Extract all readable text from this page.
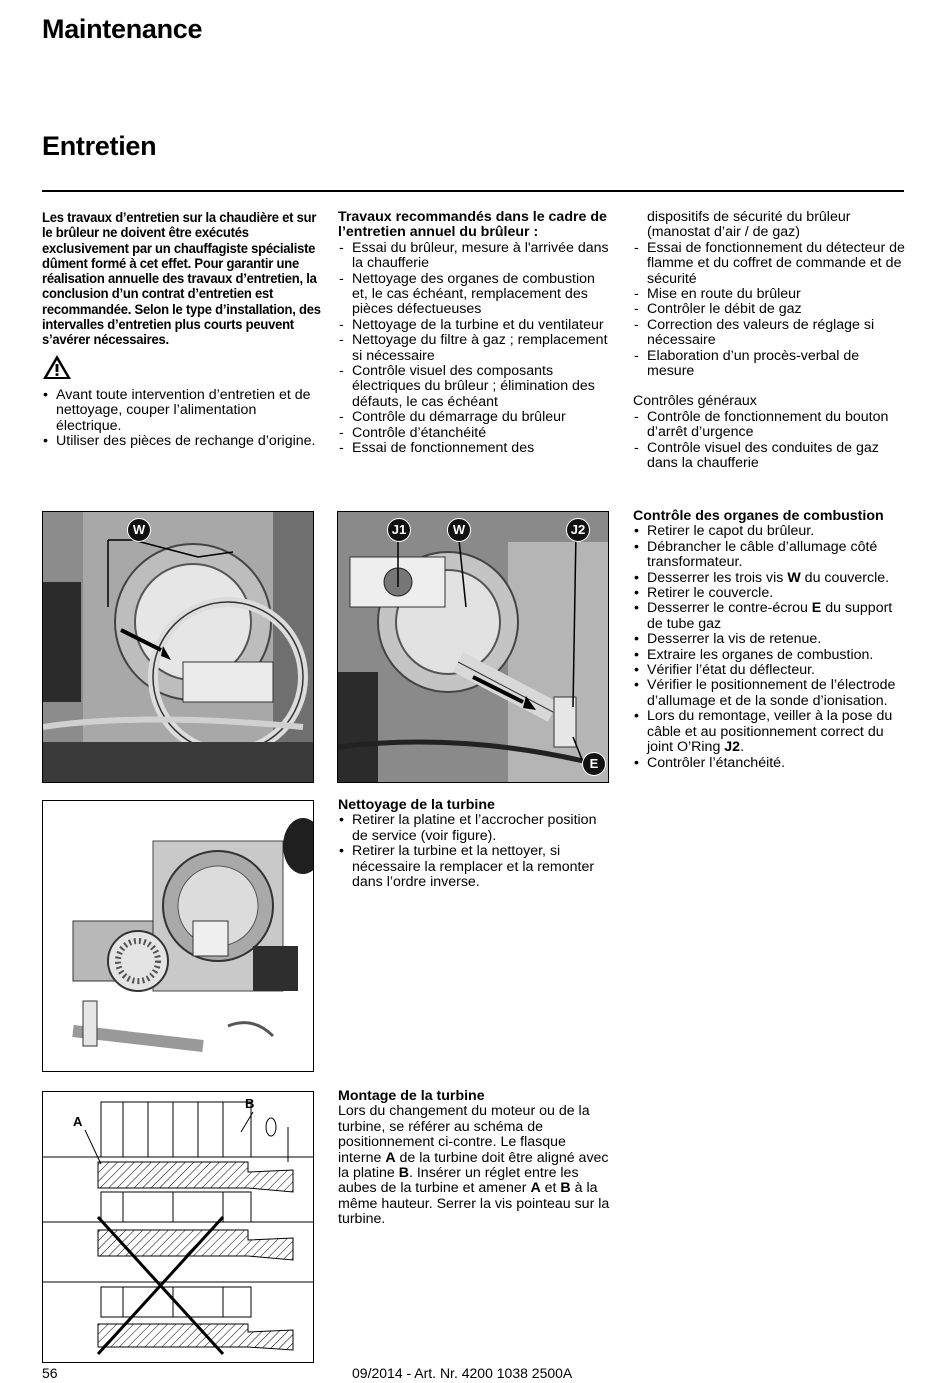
Maintenance
Entretien
Les travaux d’entretien sur la chaudière et sur le brûleur ne doivent être exécutés exclusivement par un chauffagiste spécialiste dûment formé à cet effet. Pour garantir une réalisation annuelle des travaux d’entretien, la conclusion d’un contrat d’entretien est recommandée. Selon le type d’installation, des intervalles d’entretien plus courts peuvent s’avérer nécessaires.
• Avant toute intervention d’entretien et de nettoyage, couper l’alimentation électrique.
• Utiliser des pièces de rechange d’origine.
Travaux recommandés dans le cadre de l’entretien annuel du brûleur :
- Essai du brûleur, mesure à l'arrivée dans la chaufferie
- Nettoyage des organes de combustion et, le cas échéant, remplacement des pièces défectueuses
- Nettoyage de la turbine et du ventilateur
- Nettoyage du filtre à gaz ; remplacement si nécessaire
- Contrôle visuel des composants électriques du brûleur ; élimination des défauts, le cas échéant
- Contrôle du démarrage du brûleur
- Contrôle d’étanchéité
- Essai de fonctionnement des
dispositifs de sécurité du brûleur (manostat d’air / de gaz)
- Essai de fonctionnement du détecteur de flamme et du coffret de commande et de sécurité
- Mise en route du brûleur
- Contrôler le débit de gaz
- Correction des valeurs de réglage si nécessaire
- Elaboration d’un procès-verbal de mesure
Contrôles généraux
- Contrôle de fonctionnement du bouton d’arrêt d’urgence
- Contrôle visuel des conduites de gaz dans la chaufferie
W	J1	W	J2
E
Contrôle des organes de combustion
• Retirer le capot du brûleur.
• Débrancher le câble d’allumage côté transformateur.
• Desserrer les trois vis W du couvercle.
• Retirer le couvercle.
• Desserrer le contre-écrou E du support de tube gaz
• Desserrer la vis de retenue.
• Extraire les organes de combustion.
• Vérifier l’état du déflecteur.
• Vérifier le positionnement de l’électrode d’allumage et de la sonde d’ionisation.
• Lors du remontage, veiller à la pose du câble et au positionnement correct du joint O’Ring J2.
• Contrôler l’étanchéité.
Nettoyage de la turbine
• Retirer la platine et l’accrocher position de service (voir figure).
• Retirer la turbine et la nettoyer, si nécessaire la remplacer et la remonter dans l’ordre inverse.
A
B	Montage de la turbine
Lors du changement du moteur ou de la turbine, se référer au schéma de positionnement ci-contre. Le flasque interne A de la turbine doit être aligné avec la platine B. Insérer un réglet entre les aubes de la turbine et amener A et B à la même hauteur. Serrer la vis pointeau sur la turbine.
56	09/2014 - Art. Nr. 4200 1038 2500A
